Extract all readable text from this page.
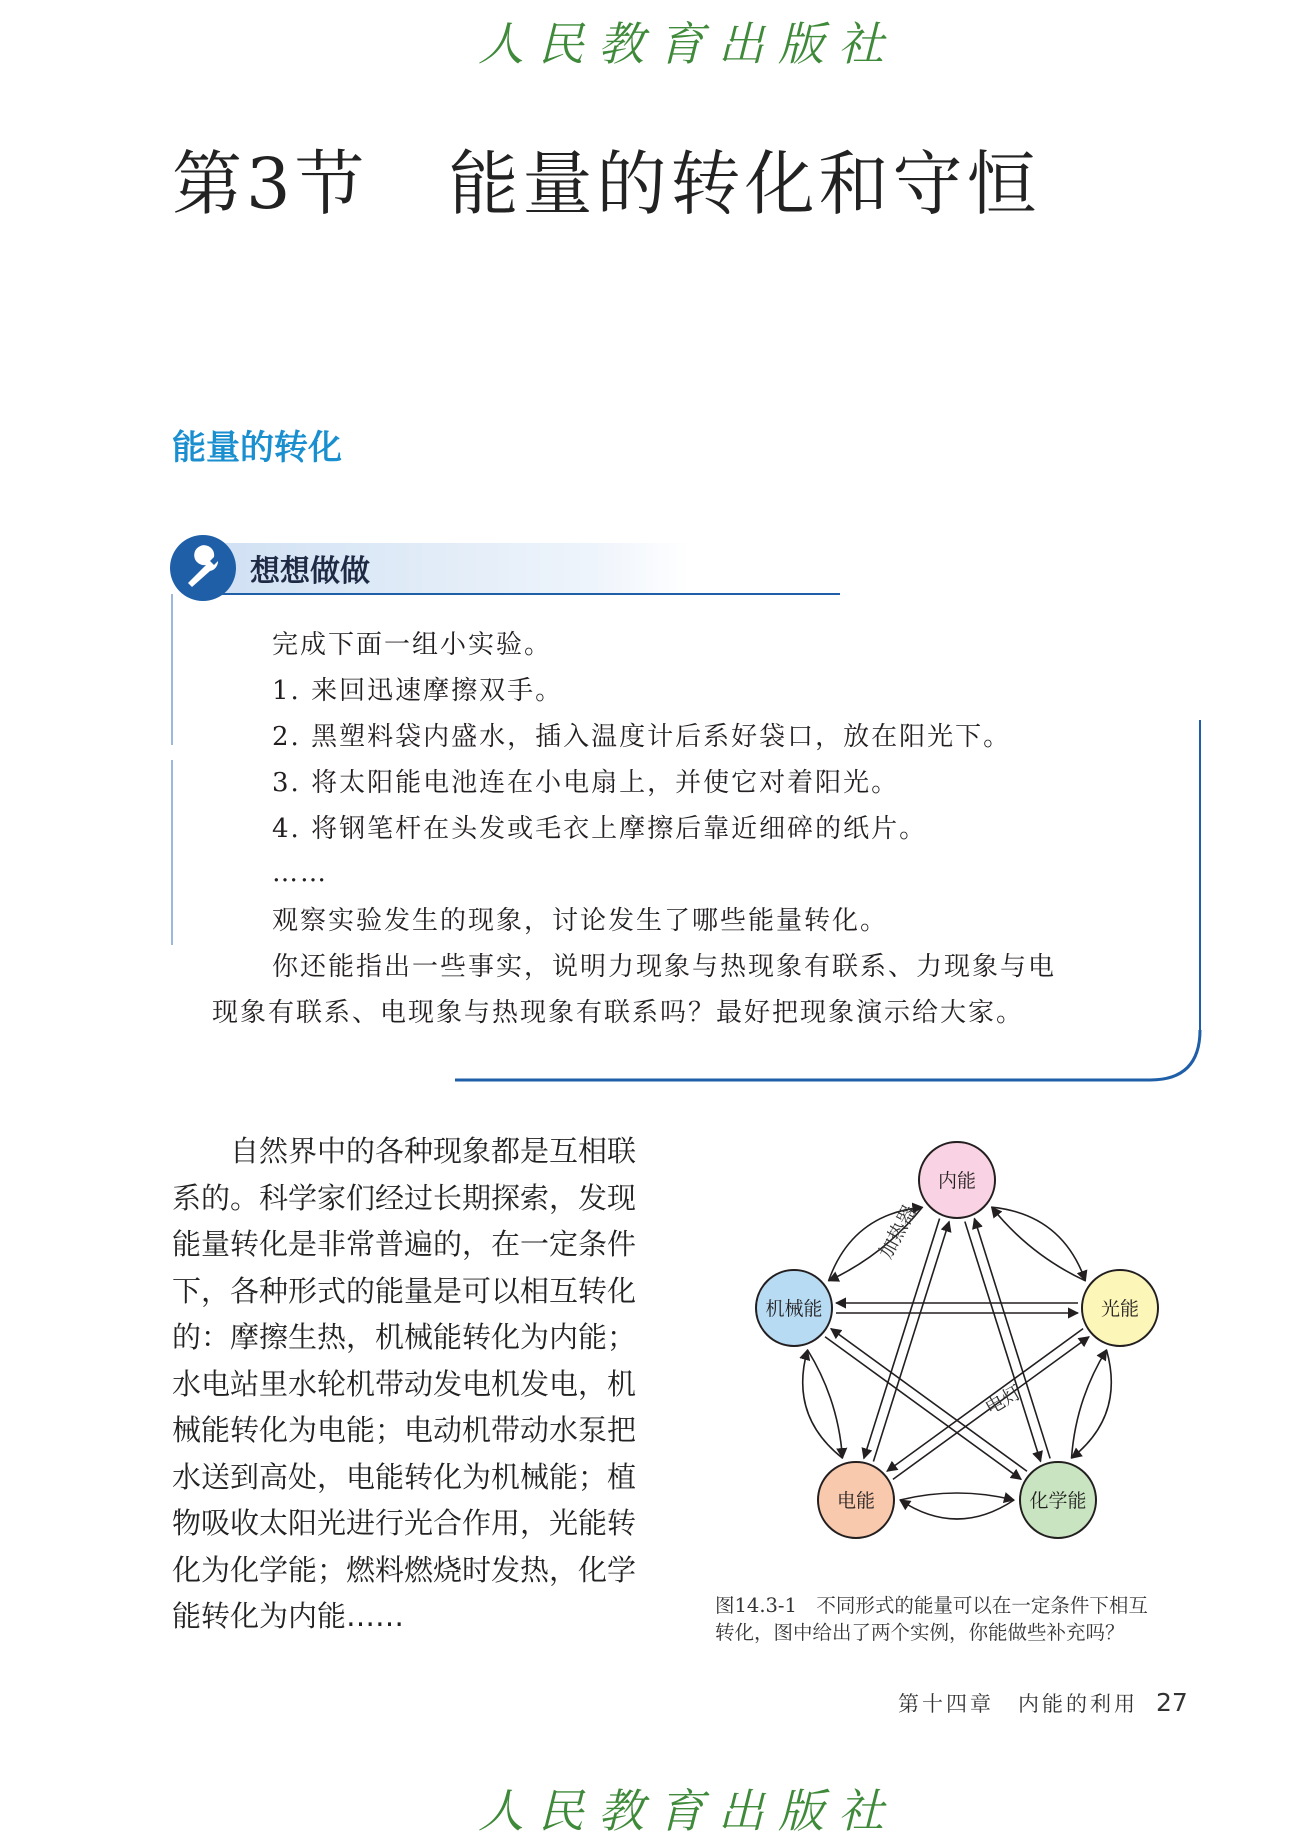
人民教育出版社
第3节 能量的转化和守恒
能量的转化
想想做做
完成下面一组小实验。
1. 来回迅速摩擦双手。
2. 黑塑料袋内盛水，插入温度计后系好袋口，放在阳光下。
3. 将太阳能电池连在小电扇上，并使它对着阳光。
4. 将钢笔杆在头发或毛衣上摩擦后靠近细碎的纸片。
……
观察实验发生的现象，讨论发生了哪些能量转化。
你还能指出一些事实，说明力现象与热现象有联系、力现象与电
现象有联系、电现象与热现象有联系吗？最好把现象演示给大家。

自然界中的各种现象都是互相联系的。科学家们经过长期探索，发现能量转化是非常普遍的，在一定条件下，各种形式的能量是可以相互转化的：摩擦生热，机械能转化为内能；水电站里水轮机带动发电机发电，机械能转化为电能；电动机带动水泵把水送到高处，电能转化为机械能；植物吸收太阳光进行光合作用，光能转化为化学能；燃料燃烧时发热，化学能转化为内能……

内能
光能
化学能
电能
机械能
加热器
电灯
图14.3-1　不同形式的能量可以在一定条件下相互
转化，图中给出了两个实例，你能做些补充吗？
第十四章　内能的利用 27
人民教育出版社
